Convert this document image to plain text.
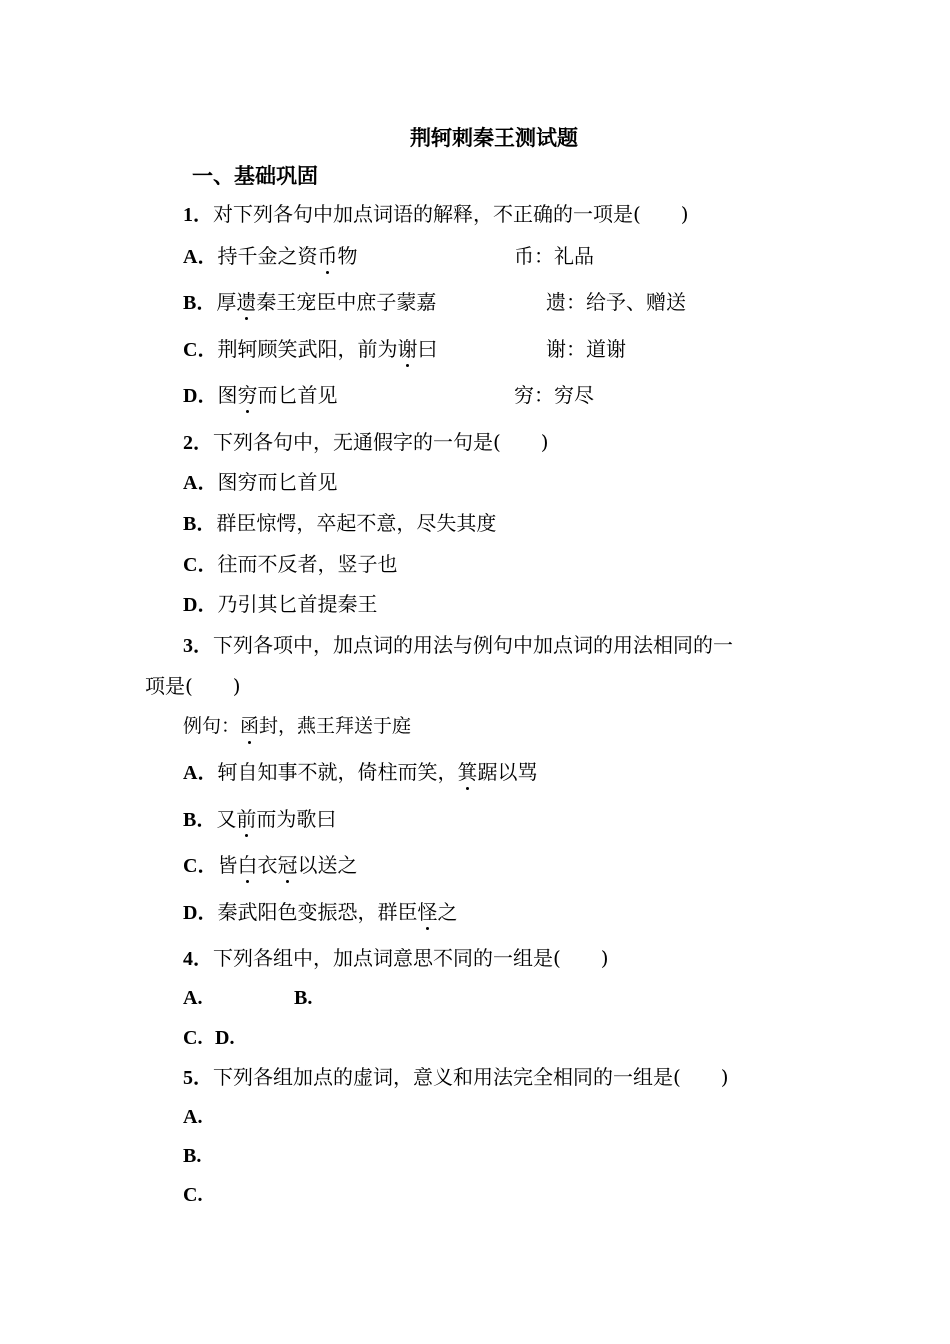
荆轲刺秦王测试题
一、基础巩固
1．对下列各句中加点词语的解释，不正确的一项是(　　)
A．持千金之资币物	币：礼品
B．厚遗秦王宠臣中庶子蒙嘉	遗：给予、赠送
C．荆轲顾笑武阳，前为谢曰	谢：道谢
D．图穷而匕首见	穷：穷尽
2．下列各句中，无通假字的一句是(　　)
A．图穷而匕首见
B．群臣惊愕，卒起不意，尽失其度
C．往而不反者，竖子也
D．乃引其匕首提秦王
3．下列各项中，加点词的用法与例句中加点词的用法相同的一
项是(　　)
例句：函封，燕王拜送于庭
A．轲自知事不就，倚柱而笑，箕踞以骂
B．又前而为歌曰
C．皆白衣冠以送之
D．秦武阳色变振恐，群臣怪之
4．下列各组中，加点词意思不同的一组是(　　)
A.	B.
C. D.
5．下列各组加点的虚词，意义和用法完全相同的一组是(　　)
A.
B.
C.
